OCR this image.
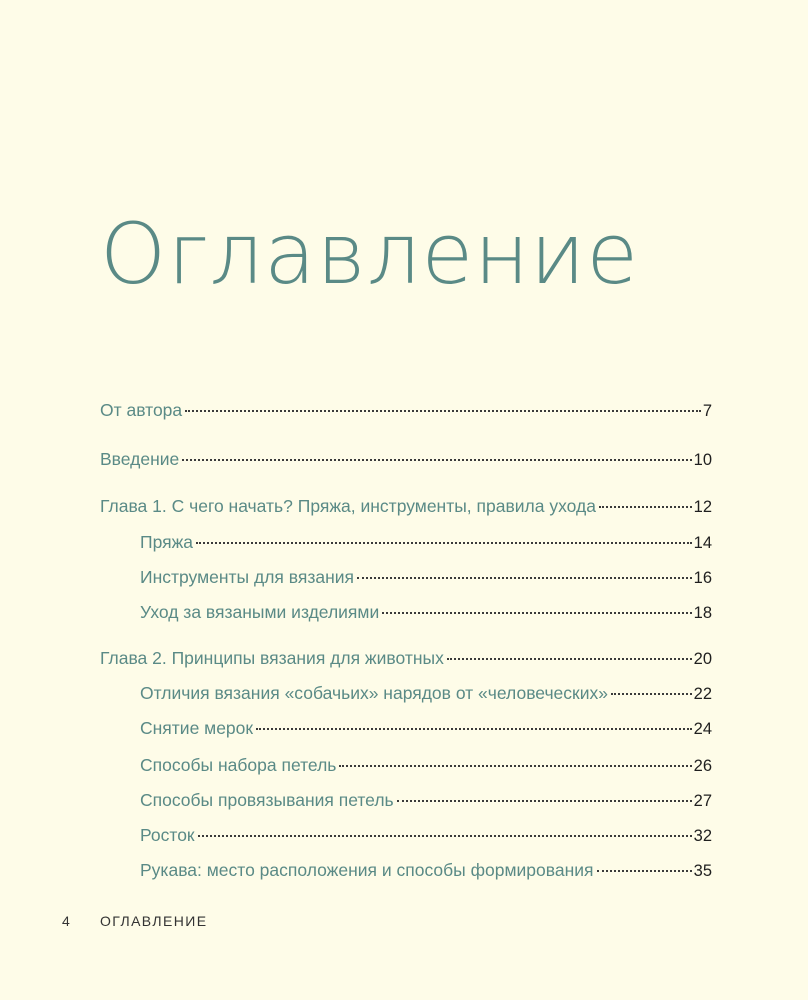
Оглавление
От автора	7
Введение	10
Глава 1. С чего начать? Пряжа, инструменты, правила ухода	12
Пряжа	14
Инструменты для вязания	16
Уход за вязаными изделиями	18
Глава 2. Принципы вязания для животных	20
Отличия вязания «собачьих» нарядов от «человеческих»	22
Снятие мерок	24
Способы набора петель	26
Способы провязывания петель	27
Росток	32
Рукава: место расположения и способы формирования	35
4	ОГЛАВЛЕНИЕ
